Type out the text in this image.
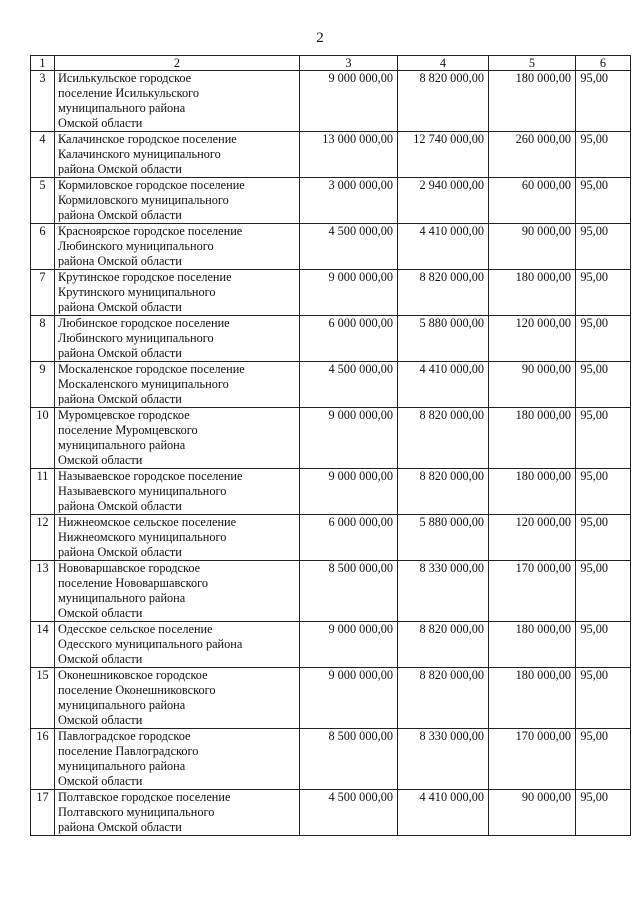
2
1	2	3	4	5	6
3	Исилькульское городское
поселение Исилькульского
муниципального района
Омской области	9 000 000,00	8 820 000,00	180 000,00	95,00
4	Калачинское городское поселение
Калачинского муниципального
района Омской области	13 000 000,00	12 740 000,00	260 000,00	95,00
5	Кормиловское городское поселение
Кормиловского муниципального
района Омской области	3 000 000,00	2 940 000,00	60 000,00	95,00
6	Красноярское городское поселение
Любинского муниципального
района Омской области	4 500 000,00	4 410 000,00	90 000,00	95,00
7	Крутинское городское поселение
Крутинского муниципального
района Омской области	9 000 000,00	8 820 000,00	180 000,00	95,00
8	Любинское городское поселение
Любинского муниципального
района Омской области	6 000 000,00	5 880 000,00	120 000,00	95,00
9	Москаленское городское поселение
Москаленского муниципального
района Омской области	4 500 000,00	4 410 000,00	90 000,00	95,00
10	Муромцевское городское
поселение Муромцевского
муниципального района
Омской области	9 000 000,00	8 820 000,00	180 000,00	95,00
11	Называевское городское поселение
Называевского муниципального
района Омской области	9 000 000,00	8 820 000,00	180 000,00	95,00
12	Нижнеомское сельское поселение
Нижнеомского муниципального
района Омской области	6 000 000,00	5 880 000,00	120 000,00	95,00
13	Нововаршавское городское
поселение Нововаршавского
муниципального района
Омской области	8 500 000,00	8 330 000,00	170 000,00	95,00
14	Одесское сельское поселение
Одесского муниципального района
Омской области	9 000 000,00	8 820 000,00	180 000,00	95,00
15	Оконешниковское городское
поселение Оконешниковского
муниципального района
Омской области	9 000 000,00	8 820 000,00	180 000,00	95,00
16	Павлоградское городское
поселение Павлоградского
муниципального района
Омской области	8 500 000,00	8 330 000,00	170 000,00	95,00
17	Полтавское городское поселение
Полтавского муниципального
района Омской области	4 500 000,00	4 410 000,00	90 000,00	95,00
